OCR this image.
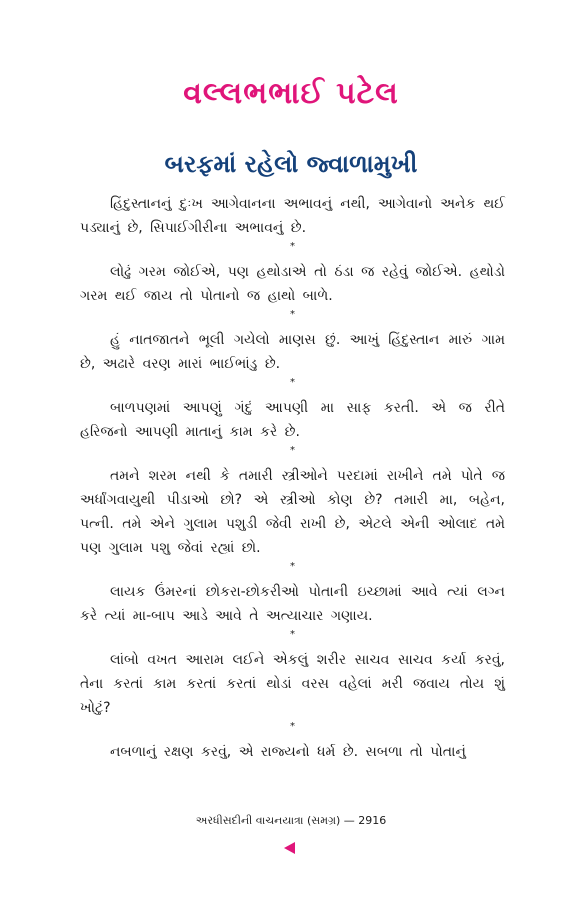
વલ્લભભાઈ પટેલ
બરફમાં રહેલો જ્વાળામુખી

હિંદુસ્તાનનું દુઃખ આગેવાનના અભાવનું નથી, આગેવાનો અનેક થઈ પડ્યાનું છે, સિપાઈગીરીના અભાવનું છે.

*

લોઢું ગરમ જોઈએ, પણ હથોડાએ તો ઠંડા જ રહેવું જોઈએ. હથોડો ગરમ થઈ જાય તો પોતાનો જ હાથો બાળે.

*

હું નાતજાતને ભૂલી ગયેલો માણસ છું. આખું હિંદુસ્તાન મારું ગામ છે, અઢારે વરણ મારાં ભાઈભાંડુ છે.

*

બાળપણમાં આપણું ગંદું આપણી મા સાફ કરતી. એ જ રીતે હરિજનો આપણી માતાનું કામ કરે છે.

*

તમને શરમ નથી કે તમારી સ્ત્રીઓને પરદામાં રાખીને તમે પોતે જ અર્ધાંગવાયુથી પીડાઓ છો? એ સ્ત્રીઓ કોણ છે? તમારી મા, બહેન, પત્ની. તમે એને ગુલામ પશુડી જેવી રાખી છે, એટલે એની ઓલાદ તમે પણ ગુલામ પશુ જેવાં રહ્યાં છો.

*

લાયક ઉંમરનાં છોકરા-છોકરીઓ પોતાની ઇચ્છામાં આવે ત્યાં લગ્ન કરે ત્યાં મા-બાપ આડે આવે તે અત્યાચાર ગણાય.

*

લાંબો વખત આરામ લઈને એકલું શરીર સાચવ સાચવ કર્યા કરવું, તેના કરતાં કામ કરતાં કરતાં થોડાં વરસ વહેલાં મરી જવાય તોય શું ખોટું?

*

નબળાનું રક્ષણ કરવું, એ રાજ્યનો ધર્મ છે. સબળા તો પોતાનું

અરધીસદીની વાચનયાત્રા (સમગ્ર) — 2916
